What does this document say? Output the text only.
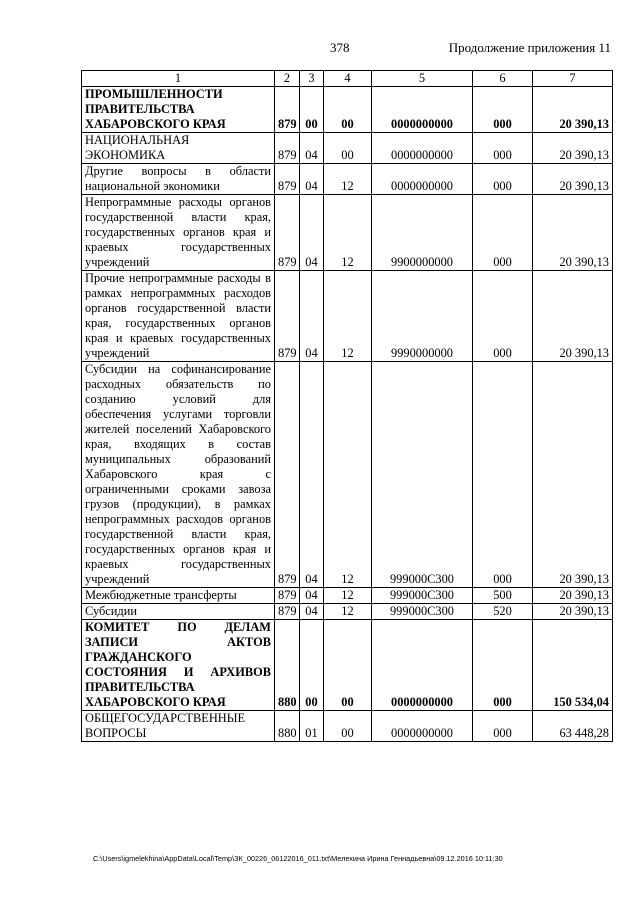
378	Продолжение приложения 11
1	2	3	4	5	6	7
ПРОМЫШЛЕННОСТИ ПРАВИТЕЛЬСТВА ХАБАРОВСКОГО КРАЯ	879	00	00	0000000000	000	20 390,13
НАЦИОНАЛЬНАЯ ЭКОНОМИКА	879	04	00	0000000000	000	20 390,13
Другие вопросы в области национальной экономики	879	04	12	0000000000	000	20 390,13
Непрограммные расходы органов государственной власти края, государственных органов края и краевых государственных учреждений	879	04	12	9900000000	000	20 390,13
Прочие непрограммные расходы в рамках непрограммных расходов органов государственной власти края, государственных органов края и краевых государственных учреждений	879	04	12	9990000000	000	20 390,13
Субсидии на софинансирование расходных обязательств по созданию условий для обеспечения услугами торговли жителей поселений Хабаровского края, входящих в состав муниципальных образований Хабаровского края с ограниченными сроками завоза грузов (продукции), в рамках непрограммных расходов органов государственной власти края, государственных органов края и краевых государственных учреждений	879	04	12	999000С300	000	20 390,13
Межбюджетные трансферты	879	04	12	999000С300	500	20 390,13
Субсидии	879	04	12	999000С300	520	20 390,13
КОМИТЕТ ПО ДЕЛАМ ЗАПИСИ АКТОВ ГРАЖДАНСКОГО СОСТОЯНИЯ И АРХИВОВ ПРАВИТЕЛЬСТВА ХАБАРОВСКОГО КРАЯ	880	00	00	0000000000	000	150 534,04
ОБЩЕГОСУДАРСТВЕННЫЕ ВОПРОСЫ	880	01	00	0000000000	000	63 448,28
C:\Users\igmelekhina\AppData\Local\Temp\ЗК_00226_06122016_011.txt\Мелехина Ирина Геннадьевна\09.12.2016 10:11:30
